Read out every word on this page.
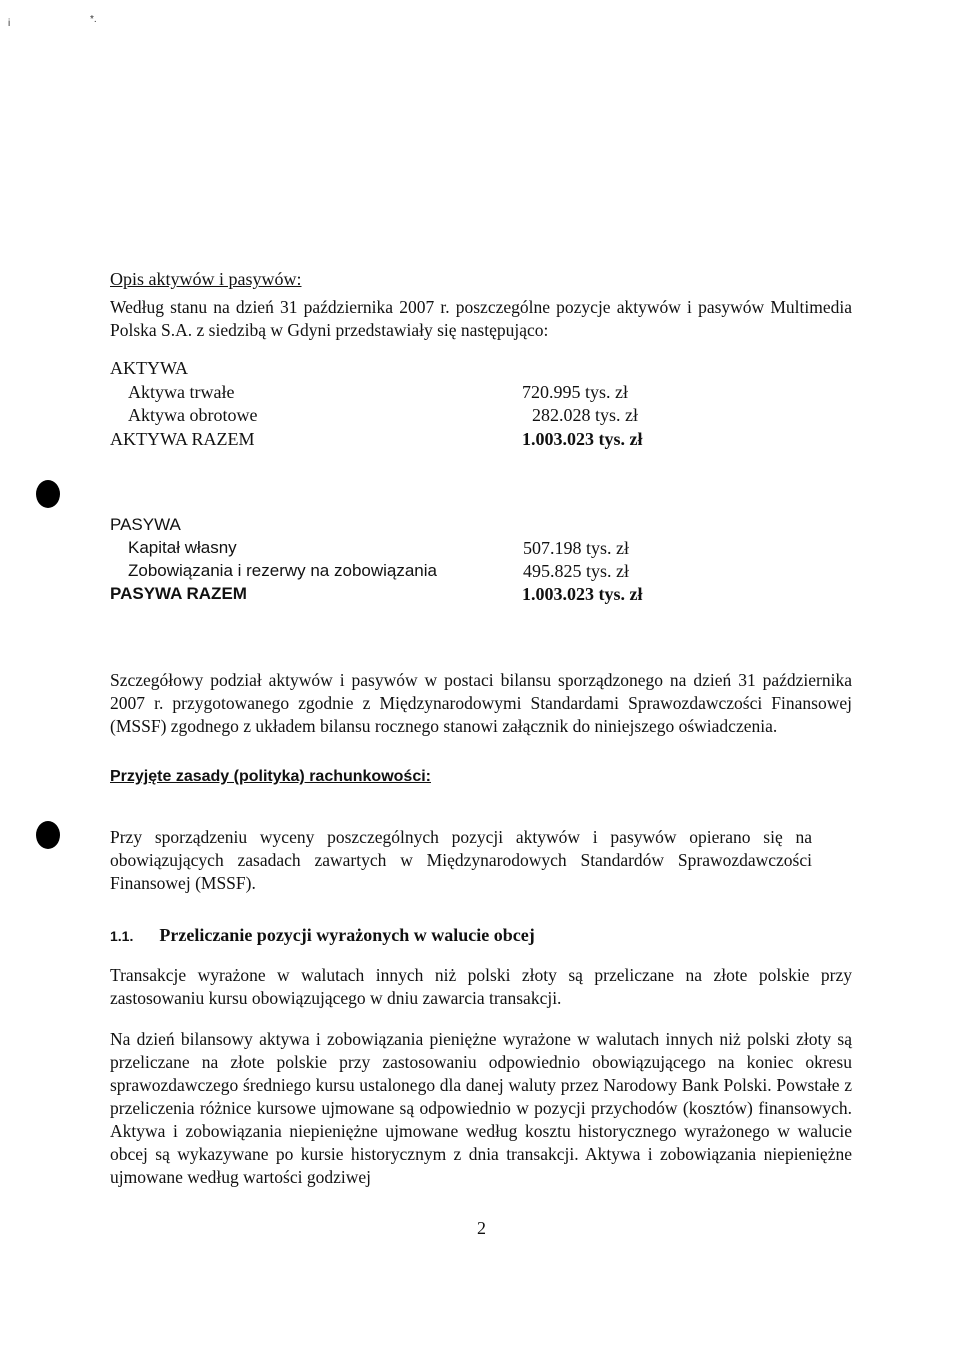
i	*.
Opis aktywów i pasywów:
Według stanu na dzień 31 października 2007 r. poszczególne pozycje aktywów i pasywów Multimedia Polska S.A. z siedzibą w Gdyni przedstawiały się następująco:
AKTYWA
Aktywa trwałe	720.995 tys. zł
Aktywa obrotowe	282.028 tys. zł
AKTYWA RAZEM	1.003.023 tys. zł
PASYWA
Kapitał własny	507.198 tys. zł
Zobowiązania i rezerwy na zobowiązania	495.825 tys. zł
PASYWA RAZEM	1.003.023 tys. zł
Szczegółowy podział aktywów i pasywów w postaci bilansu sporządzonego na dzień 31 października 2007 r. przygotowanego zgodnie z Międzynarodowymi Standardami Sprawozdawczości Finansowej (MSSF) zgodnego z układem bilansu rocznego stanowi załącznik do niniejszego oświadczenia.
Przyjęte zasady (polityka) rachunkowości:
Przy sporządzeniu wyceny poszczególnych pozycji aktywów i pasywów opierano się na obowiązujących zasadach zawartych w Międzynarodowych Standardów Sprawozdawczości Finansowej (MSSF).
1.1. Przeliczanie pozycji wyrażonych w walucie obcej
Transakcje wyrażone w walutach innych niż polski złoty są przeliczane na złote polskie przy zastosowaniu kursu obowiązującego w dniu zawarcia transakcji.
Na dzień bilansowy aktywa i zobowiązania pieniężne wyrażone w walutach innych niż polski złoty są przeliczane na złote polskie przy zastosowaniu odpowiednio obowiązującego na koniec okresu sprawozdawczego średniego kursu ustalonego dla danej waluty przez Narodowy Bank Polski. Powstałe z przeliczenia różnice kursowe ujmowane są odpowiednio w pozycji przychodów (kosztów) finansowych. Aktywa i zobowiązania niepieniężne ujmowane według kosztu historycznego wyrażonego w walucie obcej są wykazywane po kursie historycznym z dnia transakcji. Aktywa i zobowiązania niepieniężne ujmowane według wartości godziwej
2
